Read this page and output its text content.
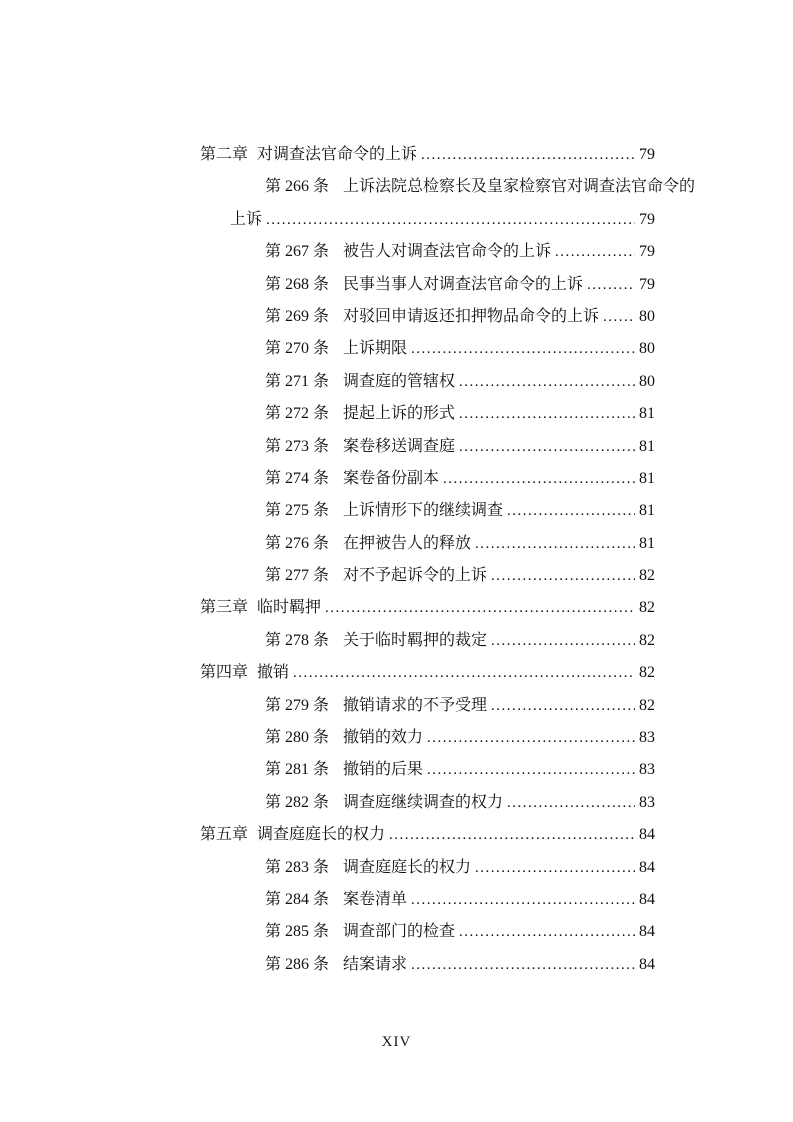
第二章 对调查法官命令的上诉 .....	79
第 266 条 上诉法院总检察长及皇家检察官对调查法官命令的
上诉 .....	79
第 267 条 被告人对调查法官命令的上诉 .....	79
第 268 条 民事当事人对调查法官命令的上诉 .....	79
第 269 条 对驳回申请返还扣押物品命令的上诉 ..... 80
第 270 条 上诉期限 .....	80
第 271 条 调查庭的管辖权 .....	80
第 272 条 提起上诉的形式 .....	81
第 273 条 案卷移送调查庭 .....	81
第 274 条 案卷备份副本 .....	81
第 275 条 上诉情形下的继续调查 .....	81
第 276 条 在押被告人的释放 .....	81
第 277 条 对不予起诉令的上诉 .....	82
第三章 临时羁押 .....	82
第 278 条 关于临时羁押的裁定 .....	82
第四章 撤销 .....	82
第 279 条 撤销请求的不予受理 .....	82
第 280 条 撤销的效力 .....	83
第 281 条 撤销的后果 .....	83
第 282 条 调查庭继续调查的权力 .....	83
第五章 调查庭庭长的权力 .....	84
第 283 条 调查庭庭长的权力 .....	84
第 284 条 案卷清单 .....	84
第 285 条 调查部门的检查 .....	84
第 286 条 结案请求 .....	84
XIV
